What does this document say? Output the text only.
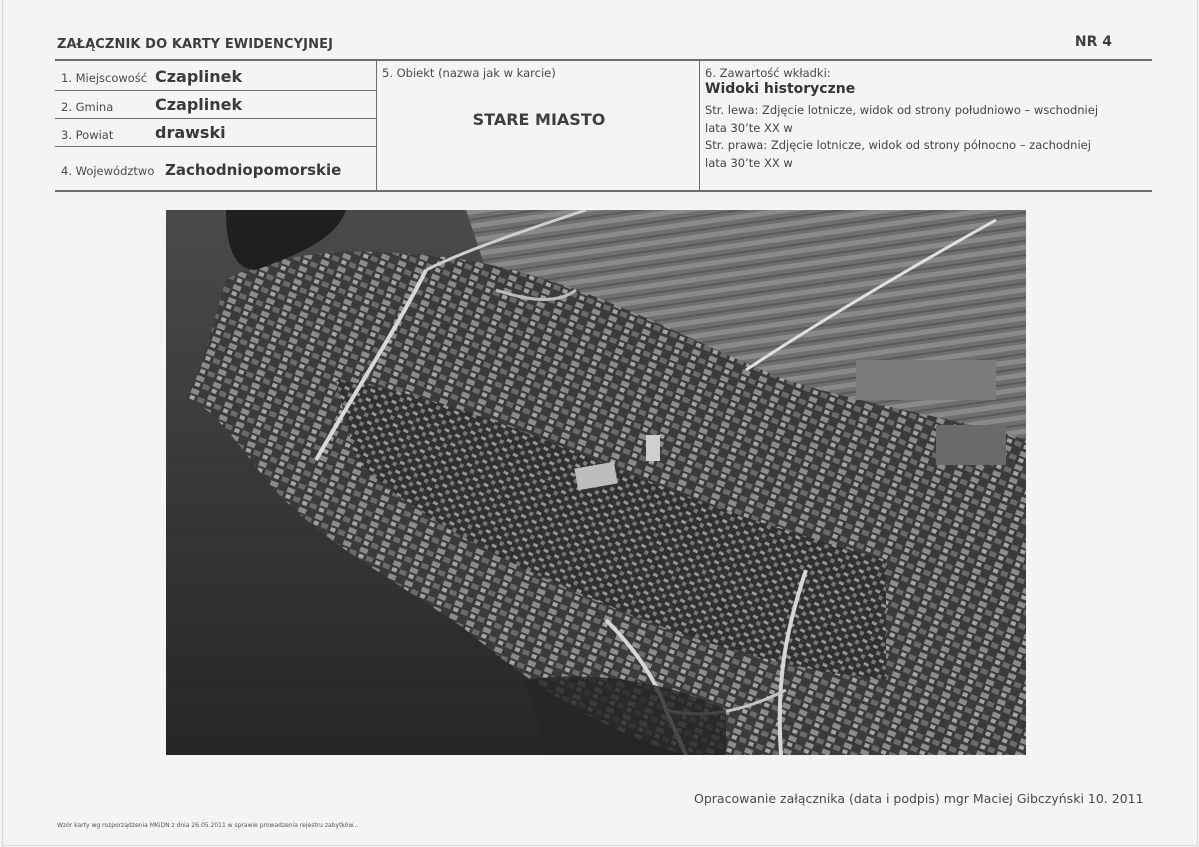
ZAŁĄCZNIK DO KARTY EWIDENCYJNEJ	NR 4
1. Miejscowość Czaplinek
2. Gmina	Czaplinek
3. Powiat	drawski
4. Województwo Zachodniopomorskie
5. Obiekt (nazwa jak w karcie)
STARE MIASTO
6. Zawartość wkładki:
Widoki historyczne
Str. lewa: Zdjęcie lotnicze, widok od strony południowo – wschodniej
lata 30’te XX w
Str. prawa: Zdjęcie lotnicze, widok od strony północno – zachodniej
lata 30’te XX w
Opracowanie załącznika (data i podpis) mgr Maciej Gibczyński 10. 2011
Wzór karty wg rozporządzenia MKiDN z dnia 26.05.2011 w sprawie prowadzenia rejestru zabytków...
